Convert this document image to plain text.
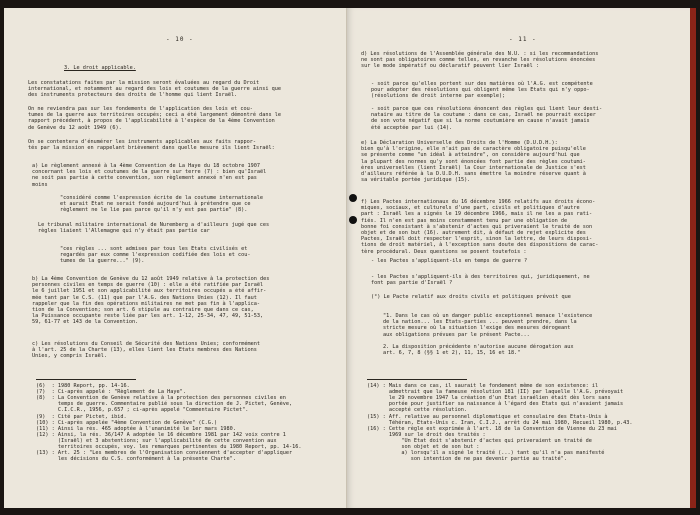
- 10 -
3. Le droit applicable.
Les constatations faites par la mission seront évaluées au regard du Droit
international, et notamment au regard des lois et coutumes de la guerre ainsi que
des instruments protecteurs des droits de l'homme qui lient Israël.
On ne reviendra pas sur les fondements de l'application des lois et cou-
tumes de la guerre aux territoires occupés; ceci a été largement démontré dans le
rapport précédent, à propos de l'applicabilité à l'espèce de la 4ème Convention
de Genève du 12 août 1949 (6).
On se contentera d'énumérer les instruments applicables aux faits rappor-
tés par la mission en rappelant brièvement dans quelle mesure ils lient Israël:
a) Le règlement annexé à la 4ème Convention de La Haye du 18 octobre 1907
concernant les lois et coutumes de la guerre sur terre (7) : bien qu'Israël
ne soit pas partie à cette convention, son règlement annexé n'en est pas
moins
"considéré comme l'expression écrite de la coutume internationale
et aurait Etat ne serait fondé aujourd'hui à prétendre que ce
règlement ne le lie pas parce qu'il n'y est pas partie" (8).
Le tribunal militaire international de Nuremberg a d'ailleurs jugé que ces
règles liaient l'Allemagne qui n'y était pas partie car
"ces règles ... sont admises par tous les Etats civilisés et
regardés par eux comme l'expression codifiée des lois et cou-
tumes de la guerre..." (9).
b) La 4ème Convention de Genève du 12 août 1949 relative à la protection des
personnes civiles en temps de guerre (10) : elle a été ratifiée par Israël
le 6 juillet 1951 et son applicabilité aux territoires occupés a été affir-
mée tant par le C.S. (11) que par l'A.G. des Nations Unies (12). Il faut
rappeler que la fin des opérations militaires ne met pas fin à l'applica-
tion de la Convention; son art. 6 stipule au contraire que dans ce cas,
la Puissance occupante reste liée par les art. 1-12, 25-34, 47, 49, 51-53,
59, 61-77 et 143 de la Convention.
c) Les résolutions du Conseil de Sécurité des Nations Unies; conformément
à l'art. 25 de la Charte (13), elles lient les Etats membres des Nations
Unies, y compris Israël.
(6)  : 1980 Report, pp. 14-16.
(7)  : Ci-après appelé : "Règlement de La Haye".
(8)  : La Convention de Genève relative à la protection des personnes civiles en
temps de guerre. Commentaire publié sous la direction de J. Pictet, Genève,
C.I.C.R., 1956, p.657 ; ci-après appelé "Commentaire Pictet".
(9)  : Cité par Pictet, ibid.
(10) : Ci-après appelée "4ème Convention de Genève" (C.G.)
(11) : Ainsi la rés. 465 adoptée à l'unanimité le 1er mars 1980.
(12) : Ainsi, la rés. 36/147 A adoptée le 16 décembre 1981 par 142 voix contre 1
(Israël) et 3 abstentions; sur l'applicabilité de cette convention aux
territoires occupés, voy. les remarques pertinentes du 1980 Report, pp. 14-16.
(13) : Art. 25 : "Les membres de l'Organisation conviennent d'accepter d'appliquer
les décisions du C.S. conformément à la présente Charte".
- 11 -
d) Les résolutions de l'Assemblée générale des N.U. : si les recommandations
ne sont pas obligatoires comme telles, en revanche les résolutions énoncées
sur le mode impératif ou déclaratif peuvent lier Israël :
- soit parce qu'elles portent sur des matières où l'A.G. est compétente
pour adopter des résolutions qui obligent même les Etats qui n'y oppo-
(résolutions de droit interne par exemple);
- soit parce que ces résolutions énoncent des règles qui lient leur desti-
nataire au titre de la coutume : dans ce cas, Israël ne pourrait exciper
de son vote négatif que si la norme coutumière en cause n'avait jamais
été acceptée par lui (14).
e) La Déclaration Universelle des Droits de l'Homme (D.U.D.H.):
bien qu'à l'origine, elle n'ait pas de caractère obligatoire puisqu'elle
se présente comme "un idéal à atteindre", on considère aujourd'hui que
la plupart des normes qu'y sont énoncées font partie des règles coutumi-
ères universelles (lient Israël) la Cour internationale de Justice s'est
d'ailleurs référée à la D.U.D.H. sans émettre la moindre réserve quant à
sa véritable portée juridique (15).
f) Les Pactes internationaux du 16 décembre 1966 relatifs aux droits écono-
miques, sociaux, et culturels d'une part, civils et politiques d'autre
part : Israël les a signés le 19 décembre 1966, mais il ne les a pas rati-
fiés. Il n'en est pas moins constamment tenu par une obligation de
bonne foi consistant à s'abstenir d'actes qui priveraient le traité de son
objet et de son but (16). autrement dit, à défaut de rejet explicite des
Pactes, Israël doit respecter l'esprit, sinon la lettre, de leurs disposi-
tions de droit matériel, à l'exception sans doute des dispositions de carac-
tère procédural. Deux questions se posent toutefois :
- les Pactes s'appliquent-ils en temps de guerre ?
- les Pactes s'appliquent-ils à des territoires qui, juridiquement, ne
font pas partie d'Israël ?
(°) Le Pacte relatif aux droits civils et politiques prévoit que
"1. Dans le cas où un danger public exceptionnel menace l'existence
de la nation... les Etats-parties ... peuvent prendre, dans la
stricte mesure où la situation l'exige des mesures dérogeant
aux obligations prévues par le présent Pacte...
2. La disposition précédente n'autorise aucune dérogation aux
art. 6, 7, 8 (§§ 1 et 2), 11, 15, 16 et 18."
(14) : Mais dans ce cas, il saurait le fondement même de son existence: il
admettrait que la fameuse résolution 181 (II) par laquelle l'A.G. prévoyait
le 29 novembre 1947 la création d'un Etat israélien était dès lors sans
portée pour justifier sa naissance à l'égard des Etats qui n'avaient jamais
accepté cette résolution.
(15) : Aff. relative au personnel diplomatique et consulaire des Etats-Unis à
Téhéran, Etats-Unis c. Iran, C.I.J., arrêt du 24 mai 1980, Recueil 1980, p.43.
(16) : Cette règle est exprimée à l'art. 18 de la Convention de Vienne du 23 mai
1969 sur le droit des traités :
"Un Etat doit s'abstenir d'actes qui priveraient un traité de
son objet et de son but :
a) lorsqu'il a signé le traité (...) tant qu'il n'a pas manifesté
son intention de ne pas devenir partie au traité".
